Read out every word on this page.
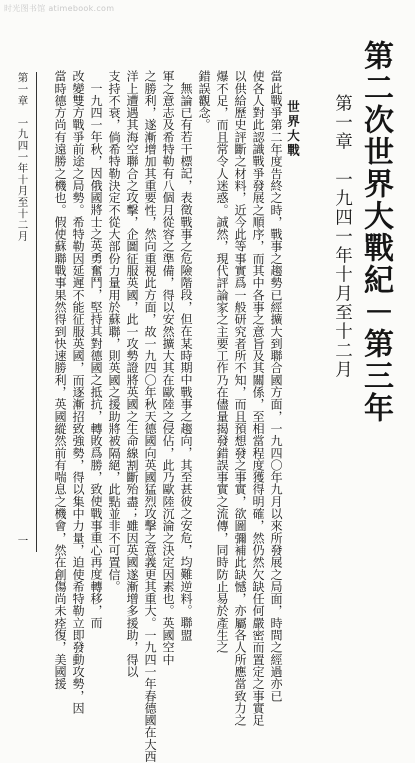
时光图书馆 atimebook.com
第二次世界大戰紀－第三年
第一章　一九四一年十月至十二月
世界大戰
當此戰爭第二年度告終之時，戰事之趨勢已經擴大到聯合國方面，一九四〇年九月以來所發展之局面，時間之經過亦已
使各人對此認識戰爭發展之順序，而其中各事之意旨及其關係，至相當程度獲得明確，然仍然欠缺任何嚴密而置定之事實足
以供給歷史評斷之材料，近今此等事實爲一般研究者所不知，而且預想發之事實，欲圖彌補此缺憾，亦屬各人所應當致力之
爆不足，而且常令人迷惑。誠然，現代評論家之主要工作乃在儘量揭發錯誤事實之流傳，同時防止易於產生之
錯誤觀念。
無論已有若干標記，表徵戰事之危險階段，但在某時期中戰事之趨向，其至甚彼之安危，均難逆料。聯盟
軍之意志及希特勒有八個月從容之準備，得以安然擴大其在歐陸之侵佔，此乃歐陸沉淪之決定因素也。英國空中
之勝利，遂漸增加其重要性，然向重視此方面，故一九四〇年秋天德國向英國猛烈攻擊之意義更其重大。一九四一年春德國在大西
洋上遭遇其海空聯合之攻擊，企圖征服英國，此一攻勢證將英國之生命線割斷殆盡；雖因英國遂漸增多援助，得以
支持不衰，倘希特勒決定不從大部份力量用於蘇聯，則英國之援助將被隔絕，此點並非不可置信。
一九四一年秋，因俄國將士之英勇奮鬥，堅持其對德國之抵抗，轉敗爲勝，致使戰事重心再度轉移，而
改變雙方戰爭前途之局勢。希特勒因延遲不能征服英國，而逐漸招致強勢，得以集中力量，迫使希特勒立即發動攻勢，因
當時德方尚有遠勝之機也。假使蘇聯戰事果然得到快速勝利，英國縱然前有喘息之機會，然在創傷尚未痊復，美國援
第一章　一九四一年十月至十二月
一
